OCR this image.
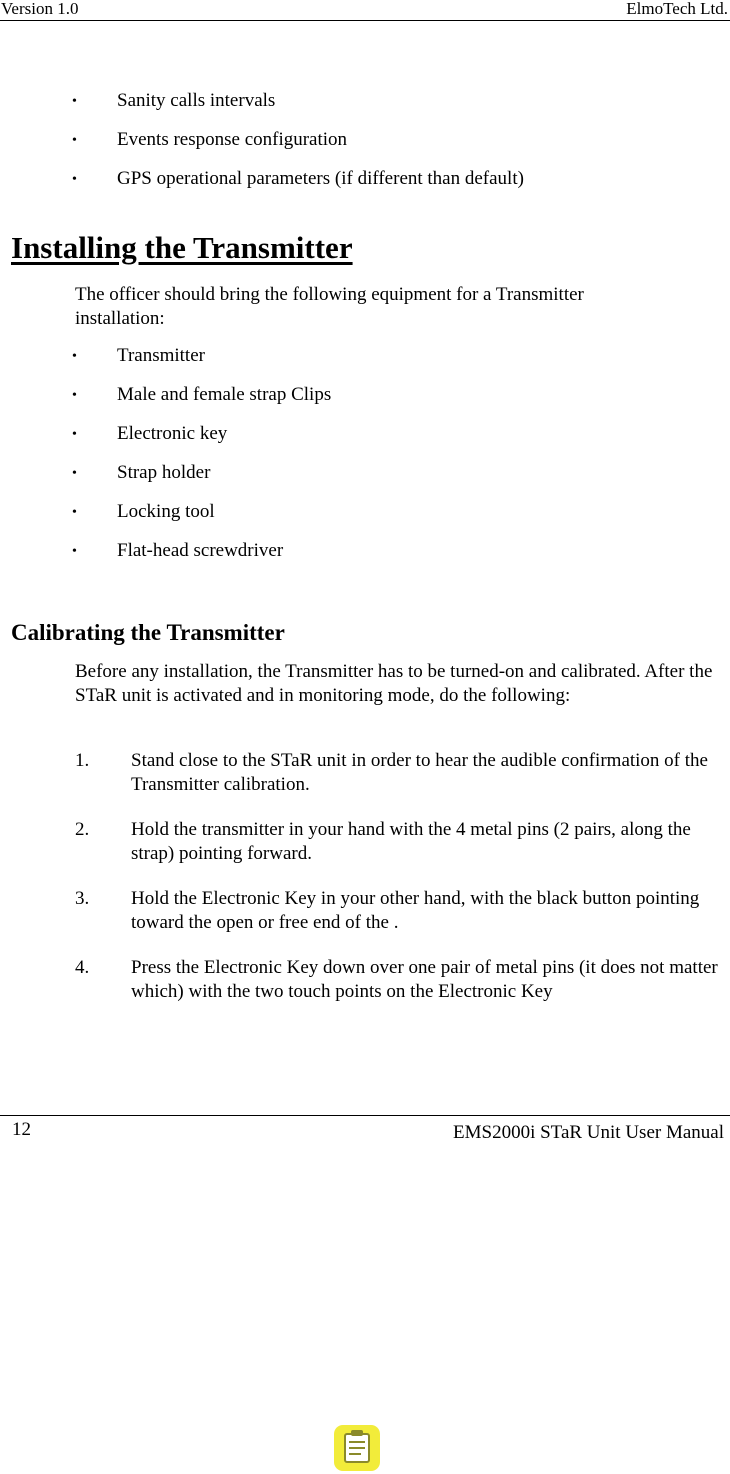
Version 1.0	ElmoTech Ltd.
• Sanity calls intervals
• Events response configuration
• GPS operational parameters (if different than default)
Installing the Transmitter

The officer should bring the following equipment for a Transmitter installation:

• Transmitter
• Male and female strap Clips
• Electronic key
• Strap holder
• Locking tool
• Flat-head screwdriver
Calibrating the Transmitter

Before any installation, the Transmitter has to be turned-on and calibrated. After the STaR unit is activated and in monitoring mode, do the following:

1. Stand close to the STaR unit in order to hear the audible confirmation of the Transmitter calibration.
2. Hold the transmitter in your hand with the 4 metal pins (2 pairs, along the strap) pointing forward.
3. Hold the Electronic Key in your other hand, with the black button pointing toward the open or free end of the .
4. Press the Electronic Key down over one pair of metal pins (it does not matter which) with the two touch points on the Electronic Key
12	EMS2000i STaR Unit User Manual
